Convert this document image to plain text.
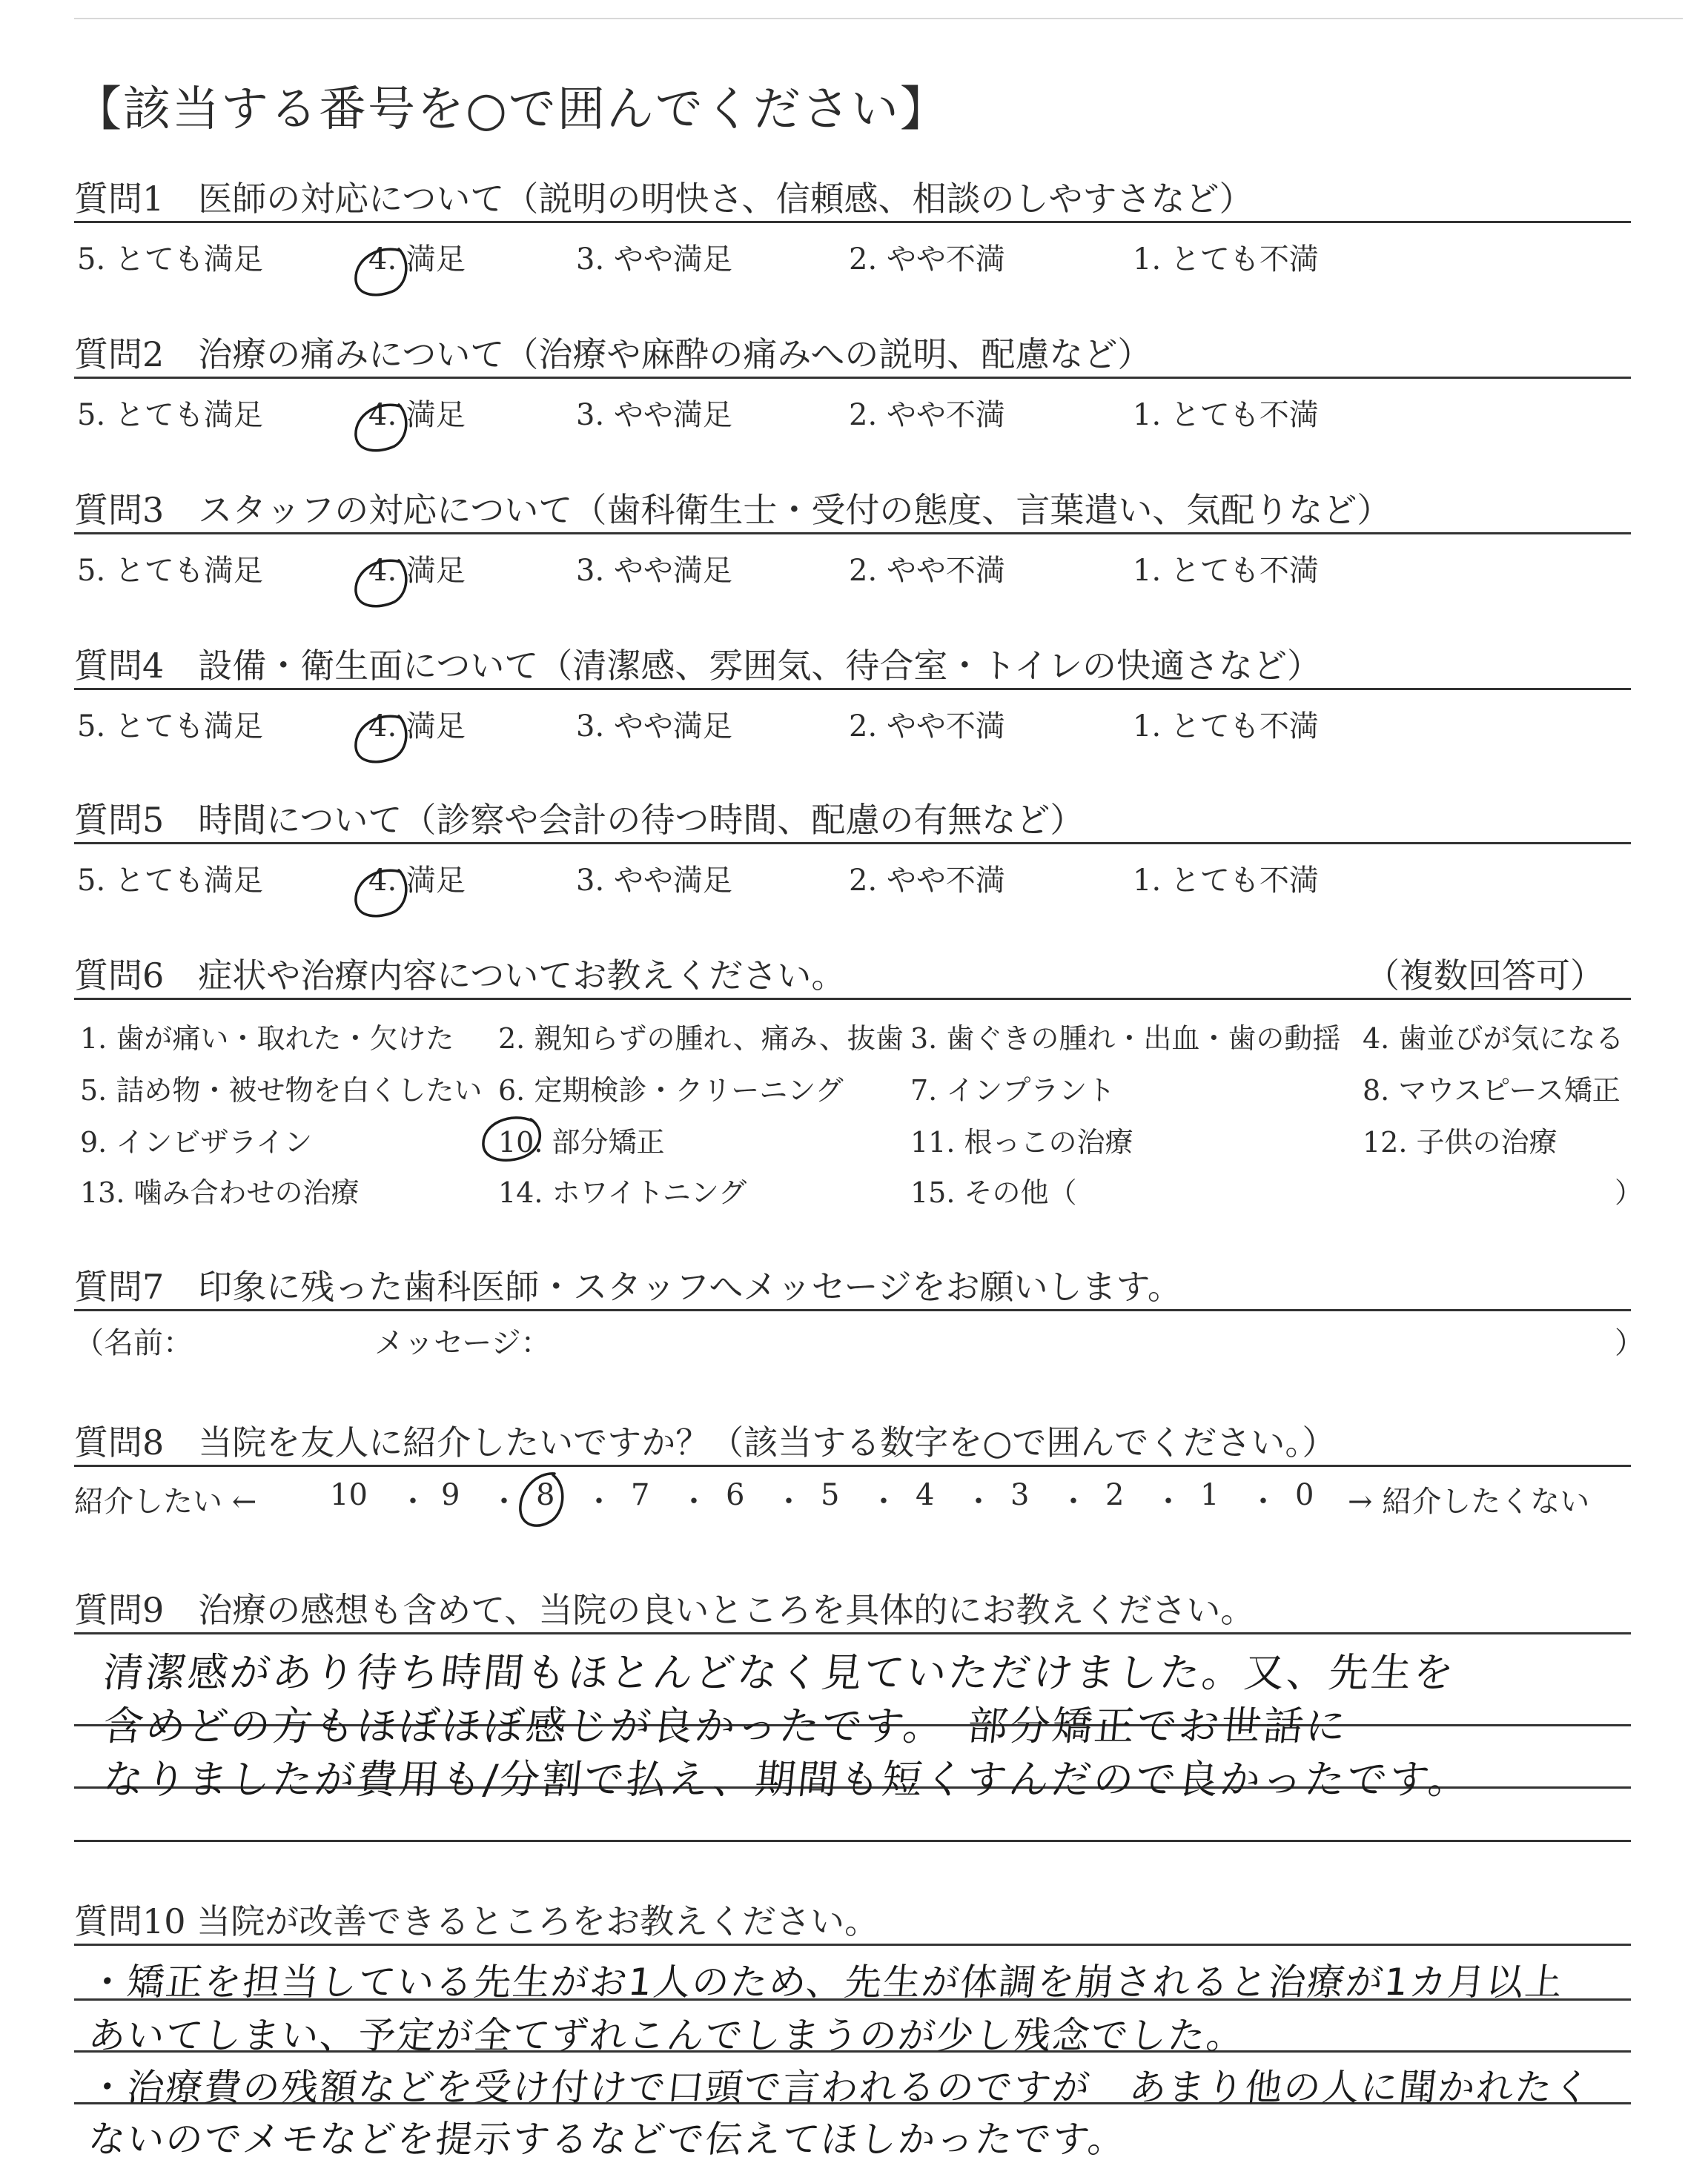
【該当する番号を○で囲んでください】
質問1　医師の対応について（説明の明快さ、信頼感、相談のしやすさなど）
5. とても満足	4. 満足	3. やや満足	2. やや不満	1. とても不満
質問2　治療の痛みについて（治療や麻酔の痛みへの説明、配慮など）
5. とても満足	4. 満足	3. やや満足	2. やや不満	1. とても不満
質問3　スタッフの対応について（歯科衛生士・受付の態度、言葉遣い、気配りなど）
5. とても満足	4. 満足	3. やや満足	2. やや不満	1. とても不満
質問4　設備・衛生面について（清潔感、雰囲気、待合室・トイレの快適さなど）
5. とても満足	4. 満足	3. やや満足	2. やや不満	1. とても不満
質問5　時間について（診察や会計の待つ時間、配慮の有無など）
5. とても満足	4. 満足	3. やや満足	2. やや不満	1. とても不満
質問6　症状や治療内容についてお教えください。	（複数回答可）
1. 歯が痛い・取れた・欠けた 2. 親知らずの腫れ、痛み、抜歯 3. 歯ぐきの腫れ・出血・歯の動揺 4. 歯並びが気になる
5. 詰め物・被せ物を白くしたい 6. 定期検診・クリーニング 7. インプラント	8. マウスピース矯正
9. インビザライン	10. 部分矯正	11. 根っこの治療	12. 子供の治療
13. 噛み合わせの治療	14. ホワイトニング	15. その他（	）
質問7　印象に残った歯科医師・スタッフへメッセージをお願いします。
（名前：	メッセージ：	）
質問8　当院を友人に紹介したいですか？（該当する数字を○で囲んでください。）
紹介したい ← 10 9	8	7	6	5	4	3	2	1	0
・ ・ ・ ・ ・ ・ ・ ・ ・ ・ → 紹介したくない
質問9　治療の感想も含めて、当院の良いところを具体的にお教えください。
清潔感があり待ち時間もほとんどなく見ていただけました。又、先生を
含めどの方もほぼほぼ感じが良かったです。　部分矯正でお世話に
なりましたが費用も/分割で払え、期間も短くすんだので良かったです。
質問10 当院が改善できるところをお教えください。
・矯正を担当している先生がお1人のため、先生が体調を崩されると治療が1カ月以上
あいてしまい、予定が全てずれこんでしまうのが少し残念でした。
・治療費の残額などを受け付けで口頭で言われるのですが　あまり他の人に聞かれたく
ないのでメモなどを提示するなどで伝えてほしかったです。
